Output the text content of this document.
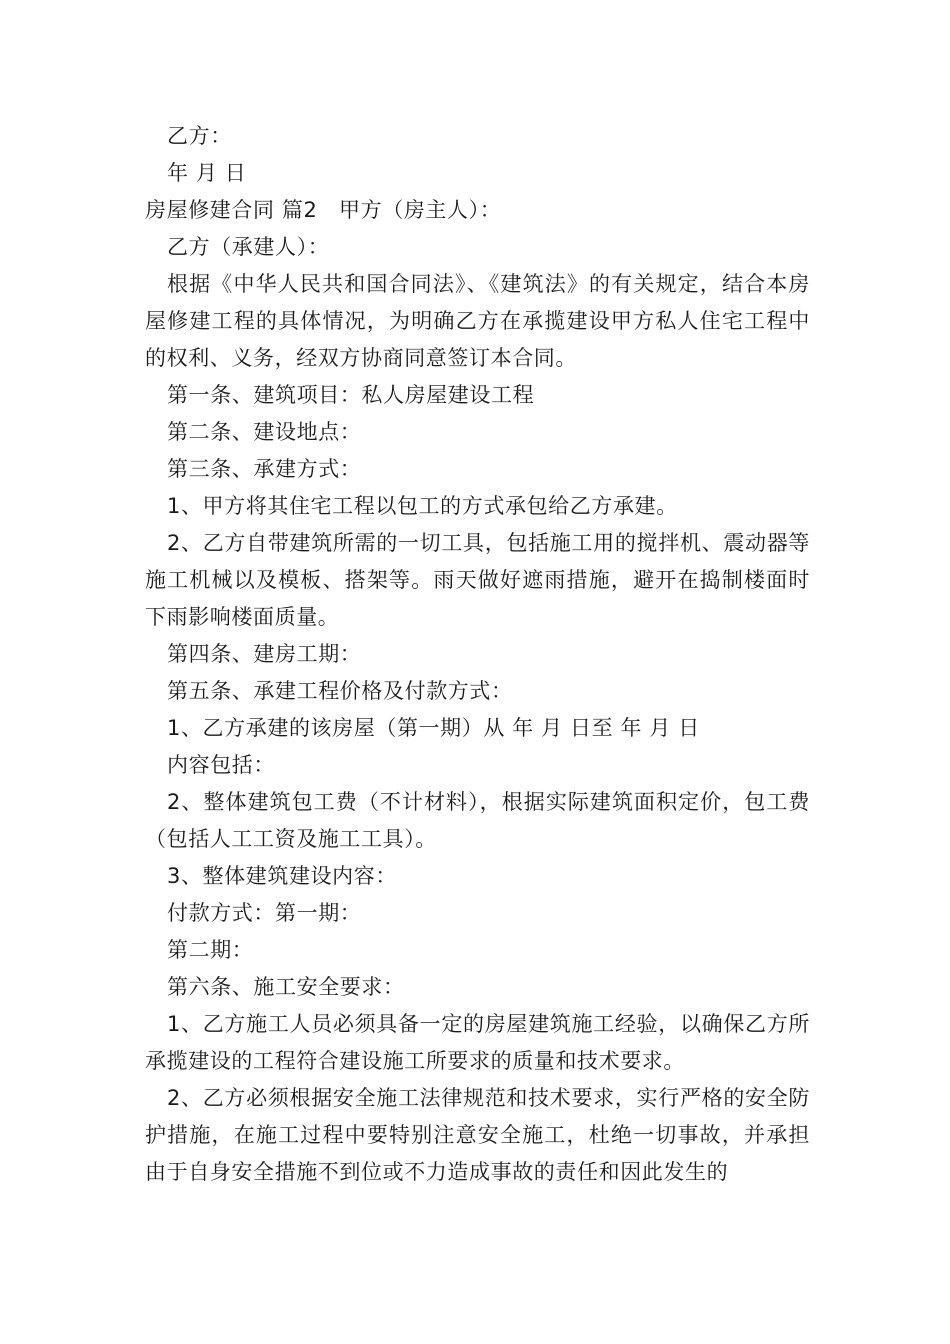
乙方：

年 月 日

房屋修建合同 篇2　甲方（房主人）：

乙方（承建人）：

根据《中华人民共和国合同法》、《建筑法》的有关规定，结合本房屋修建工程的具体情况，为明确乙方在承揽建设甲方私人住宅工程中的权利、义务，经双方协商同意签订本合同。

第一条、建筑项目：私人房屋建设工程

第二条、建设地点：

第三条、承建方式：

1、甲方将其住宅工程以包工的方式承包给乙方承建。

2、乙方自带建筑所需的一切工具，包括施工用的搅拌机、震动器等施工机械以及模板、搭架等。雨天做好遮雨措施，避开在捣制楼面时下雨影响楼面质量。

第四条、建房工期：

第五条、承建工程价格及付款方式：

1、乙方承建的该房屋（第一期）从 年 月 日至 年 月 日

内容包括：

2、整体建筑包工费（不计材料），根据实际建筑面积定价，包工费 （包括人工工资及施工工具）。

3、整体建筑建设内容：

付款方式：第一期：

第二期：

第六条、施工安全要求：

1、乙方施工人员必须具备一定的房屋建筑施工经验，以确保乙方所承揽建设的工程符合建设施工所要求的质量和技术要求。

2、乙方必须根据安全施工法律规范和技术要求，实行严格的安全防护措施，在施工过程中要特别注意安全施工，杜绝一切事故，并承担由于自身安全措施不到位或不力造成事故的责任和因此发生的
